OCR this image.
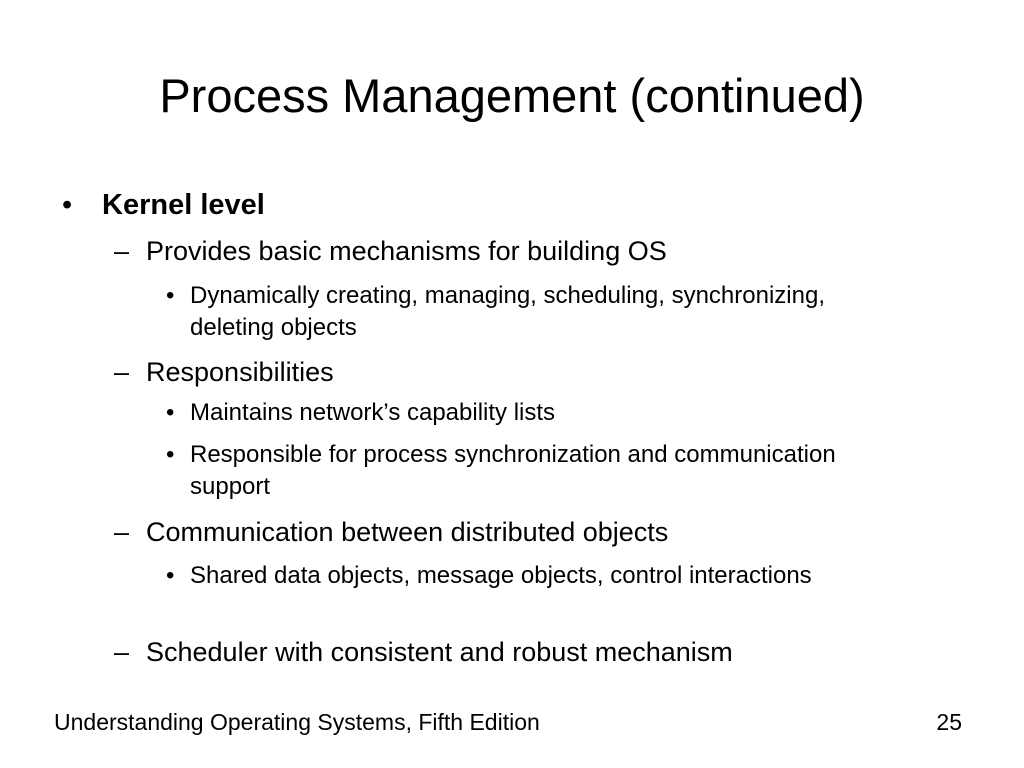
Process Management (continued)
• Kernel level
– Provides basic mechanisms for building OS
• Dynamically creating, managing, scheduling, synchronizing, deleting objects
– Responsibilities
• Maintains network’s capability lists
• Responsible for process synchronization and communication support
– Communication between distributed objects
• Shared data objects, message objects, control interactions
– Scheduler with consistent and robust mechanism
Understanding Operating Systems, Fifth Edition	25
